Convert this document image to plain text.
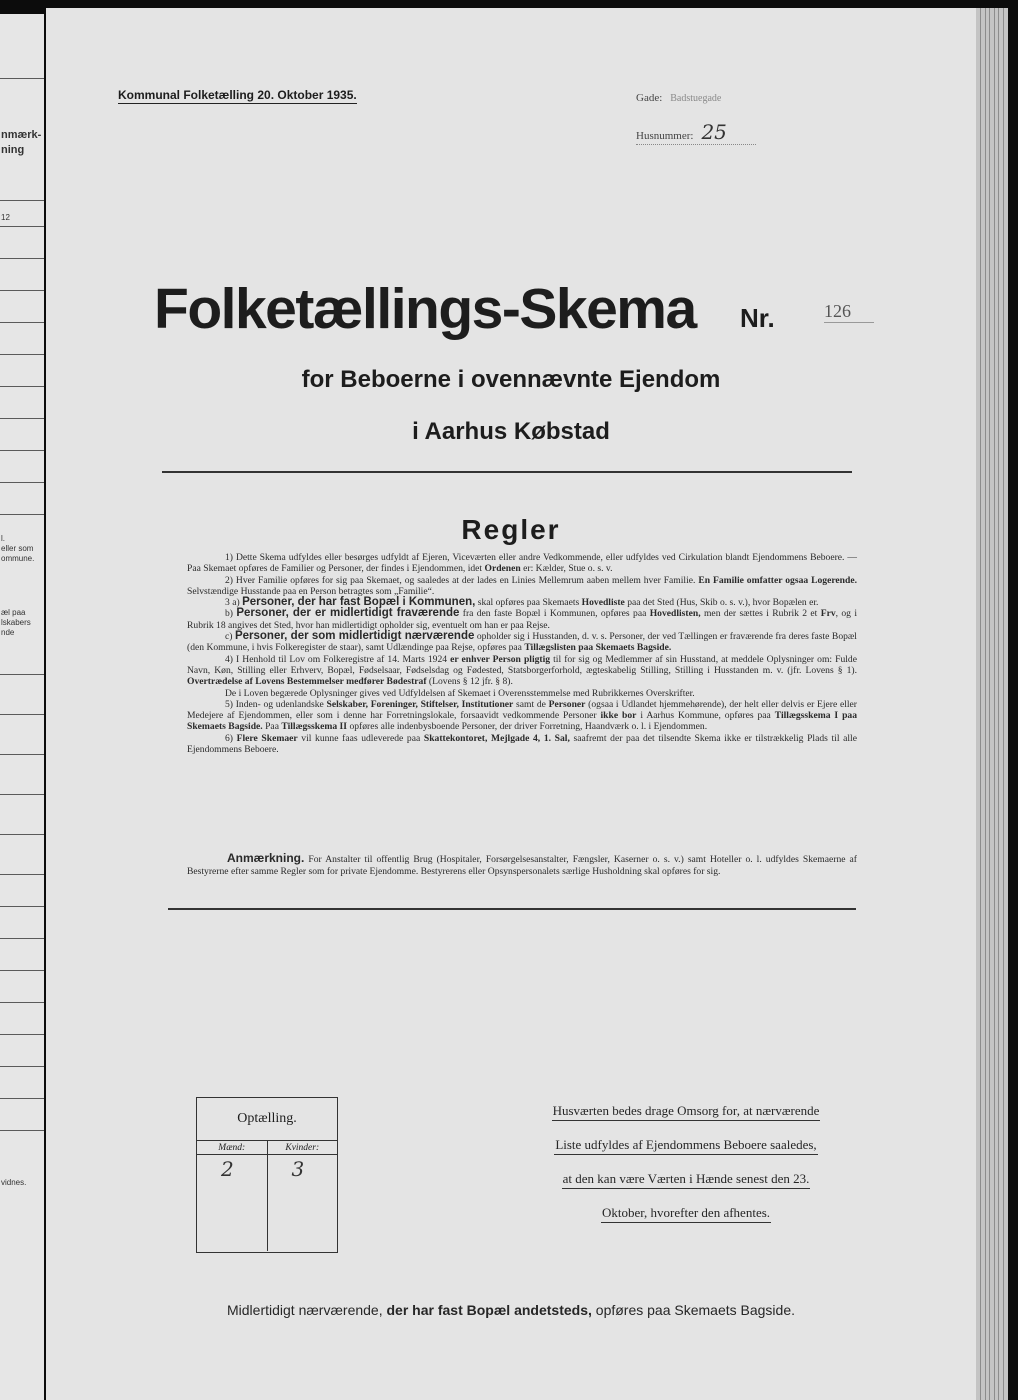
nmærk-
ning
12
l.
eller som
ommune.
æl paa
lskabers
nde
vidnes.
Kommunal Folketælling 20. Oktober 1935.	Gade: Badstuegade
Husnummer: 25
Folketællings-Skema Nr.	126
for Beboerne i ovennævnte Ejendom
i Aarhus Købstad
Regler

1) Dette Skema udfyldes eller besørges udfyldt af Ejeren, Viceværten eller andre Vedkommende, eller udfyldes ved Cirkulation blandt Ejendommens Beboere. — Paa Skemaet opføres de Familier og Personer, der findes i Ejendommen, idet Ordenen er: Kælder, Stue o. s. v.

2) Hver Familie opføres for sig paa Skemaet, og saaledes at der lades en Linies Mellemrum aaben mellem hver Familie. En Familie omfatter ogsaa Logerende. Selvstændige Husstande paa en Person betragtes som „Familie“.

3 a) Personer, der har fast Bopæl i Kommunen, skal opføres paa Skemaets Hovedliste paa det Sted (Hus, Skib o. s. v.), hvor Bopælen er.

b) Personer, der er midlertidigt fraværende fra den faste Bopæl i Kommunen, opføres paa Hovedlisten, men der sættes i Rubrik 2 et Frv, og i Rubrik 18 angives det Sted, hvor han midlertidigt opholder sig, eventuelt om han er paa Rejse.

c) Personer, der som midlertidigt nærværende opholder sig i Husstanden, d. v. s. Personer, der ved Tællingen er fraværende fra deres faste Bopæl (den Kommune, i hvis Folkeregister de staar), samt Udlændinge paa Rejse, opføres paa Tillægslisten paa Skemaets Bagside.

4) I Henhold til Lov om Folkeregistre af 14. Marts 1924 er enhver Person pligtig til for sig og Medlemmer af sin Husstand, at meddele Oplysninger om: Fulde Navn, Køn, Stilling eller Erhverv, Bopæl, Fødselsaar, Fødselsdag og Fødested, Statsborgerforhold, ægteskabelig Stilling, Stilling i Husstanden m. v. (jfr. Lovens § 1). Overtrædelse af Lovens Bestemmelser medfører Bødestraf (Lovens § 12 jfr. § 8).

De i Loven begærede Oplysninger gives ved Udfyldelsen af Skemaet i Overensstemmelse med Rubrikkernes Overskrifter.

5) Inden- og udenlandske Selskaber, Foreninger, Stiftelser, Institutioner samt de Personer (ogsaa i Udlandet hjemmehørende), der helt eller delvis er Ejere eller Medejere af Ejendommen, eller som i denne har Forretningslokale, forsaavidt vedkommende Personer ikke bor i Aarhus Kommune, opføres paa Tillægsskema I paa Skemaets Bagside. Paa Tillægsskema II opføres alle indenbysboende Personer, der driver Forretning, Haandværk o. l. i Ejendommen.

6) Flere Skemaer vil kunne faas udleverede paa Skattekontoret, Mejlgade 4, 1. Sal, saafremt der paa det tilsendte Skema ikke er tilstrækkelig Plads til alle Ejendommens Beboere.

Anmærkning. For Anstalter til offentlig Brug (Hospitaler, Forsørgelsesanstalter, Fængsler, Kaserner o. s. v.) samt Hoteller o. l. udfyldes Skemaerne af Bestyrerne efter samme Regler som for private Ejendomme. Bestyrerens eller Opsynspersonalets særlige Husholdning skal opføres for sig.

Optælling.
Mænd:
2
Kvinder:
3
Husværten bedes drage Omsorg for, at nærværende
Liste udfyldes af Ejendommens Beboere saaledes,
at den kan være Værten i Hænde senest den 23.
Oktober, hvorefter den afhentes.
Midlertidigt nærværende, der har fast Bopæl andetsteds, opføres paa Skemaets Bagside.
